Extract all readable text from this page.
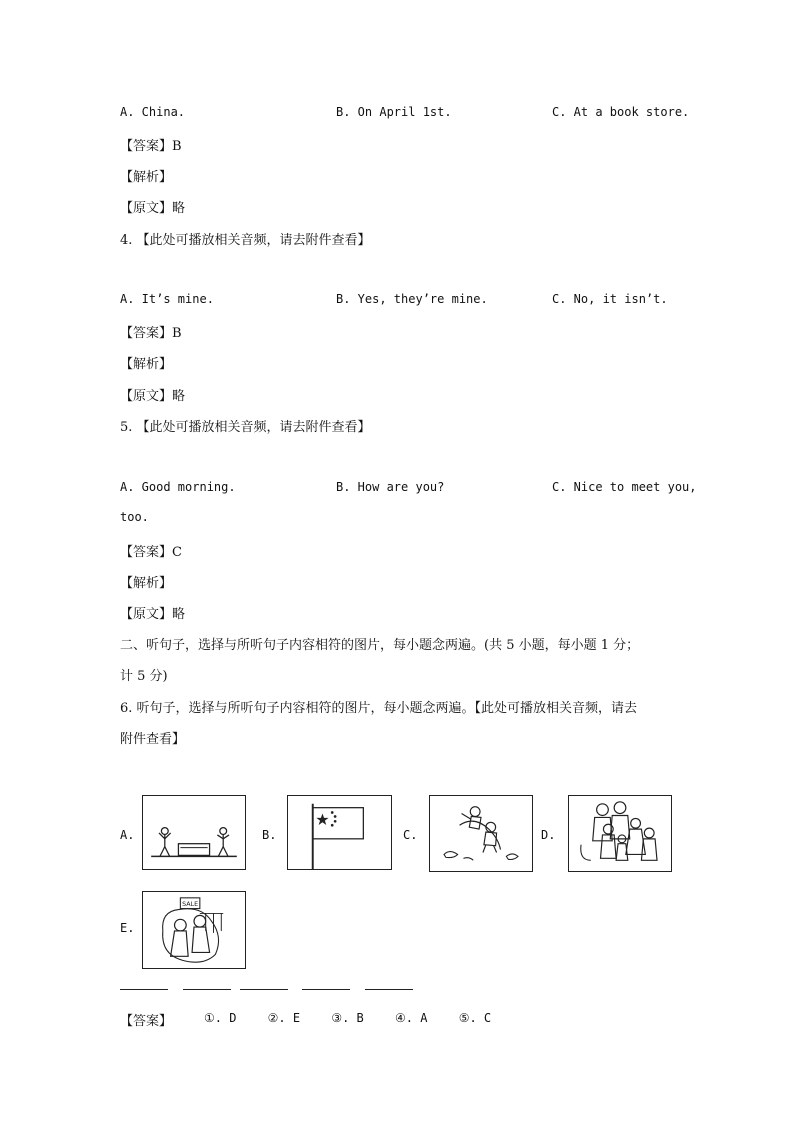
A. China.	B. On April 1st.	C. At a book store.
【答案】B
【解析】
【原文】略
4. 【此处可播放相关音频，请去附件查看】
A. It’s mine.	B. Yes, they’re mine.	C. No, it isn’t.
【答案】B
【解析】
【原文】略
5. 【此处可播放相关音频，请去附件查看】
A. Good morning.	B. How are you?	C. Nice to meet you,
too.
【答案】C
【解析】
【原文】略
二、听句子，选择与所听句子内容相符的图片，每小题念两遍。(共 5 小题，每小题 1 分；
计 5 分)
6. 听句子，选择与所听句子内容相符的图片，每小题念两遍。【此处可播放相关音频，请去
附件查看】
A.	B.	C.	D.
E.
SALE
【答案】	①. D	②. E	③. B	④. A	⑤. C
